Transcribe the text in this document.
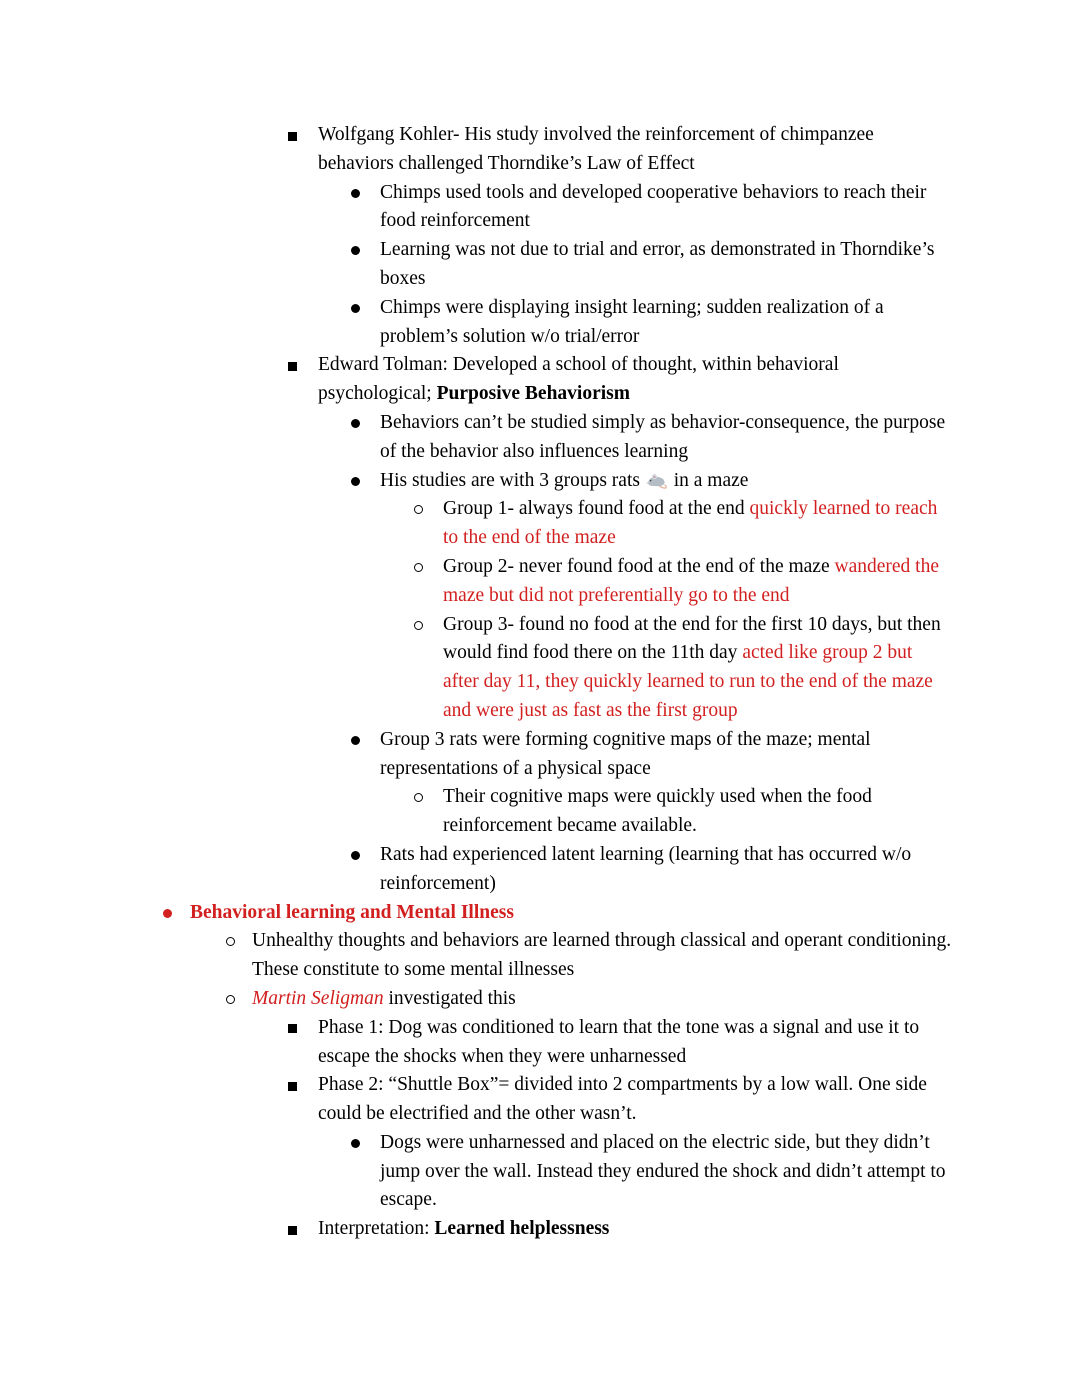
Wolfgang Kohler- His study involved the reinforcement of chimpanzee behaviors challenged Thorndike’s Law of Effect
Chimps used tools and developed cooperative behaviors to reach their food reinforcement
Learning was not due to trial and error, as demonstrated in Thorndike’s boxes
Chimps were displaying insight learning; sudden realization of a problem’s solution w/o trial/error
Edward Tolman: Developed a school of thought, within behavioral psychological; Purposive Behaviorism
Behaviors can’t be studied simply as behavior-consequence, the purpose of the behavior also influences learning
His studies are with 3 groups rats  in a maze
Group 1- always found food at the end quickly learned to reach to the end of the maze
Group 2- never found food at the end of the maze wandered the maze but did not preferentially go to the end
Group 3- found no food at the end for the first 10 days, but then would find food there on the 11th day acted like group 2 but after day 11, they quickly learned to run to the end of the maze and were just as fast as the first group
Group 3 rats were forming cognitive maps of the maze; mental representations of a physical space
Their cognitive maps were quickly used when the food reinforcement became available.
Rats had experienced latent learning (learning that has occurred w/o reinforcement)
Behavioral learning and Mental Illness
Unhealthy thoughts and behaviors are learned through classical and operant conditioning. These constitute to some mental illnesses
Martin Seligman investigated this
Phase 1: Dog was conditioned to learn that the tone was a signal and use it to escape the shocks when they were unharnessed
Phase 2: “Shuttle Box”= divided into 2 compartments by a low wall. One side could be electrified and the other wasn’t.
Dogs were unharnessed and placed on the electric side, but they didn’t jump over the wall. Instead they endured the shock and didn’t attempt to escape.
Interpretation: Learned helplessness
